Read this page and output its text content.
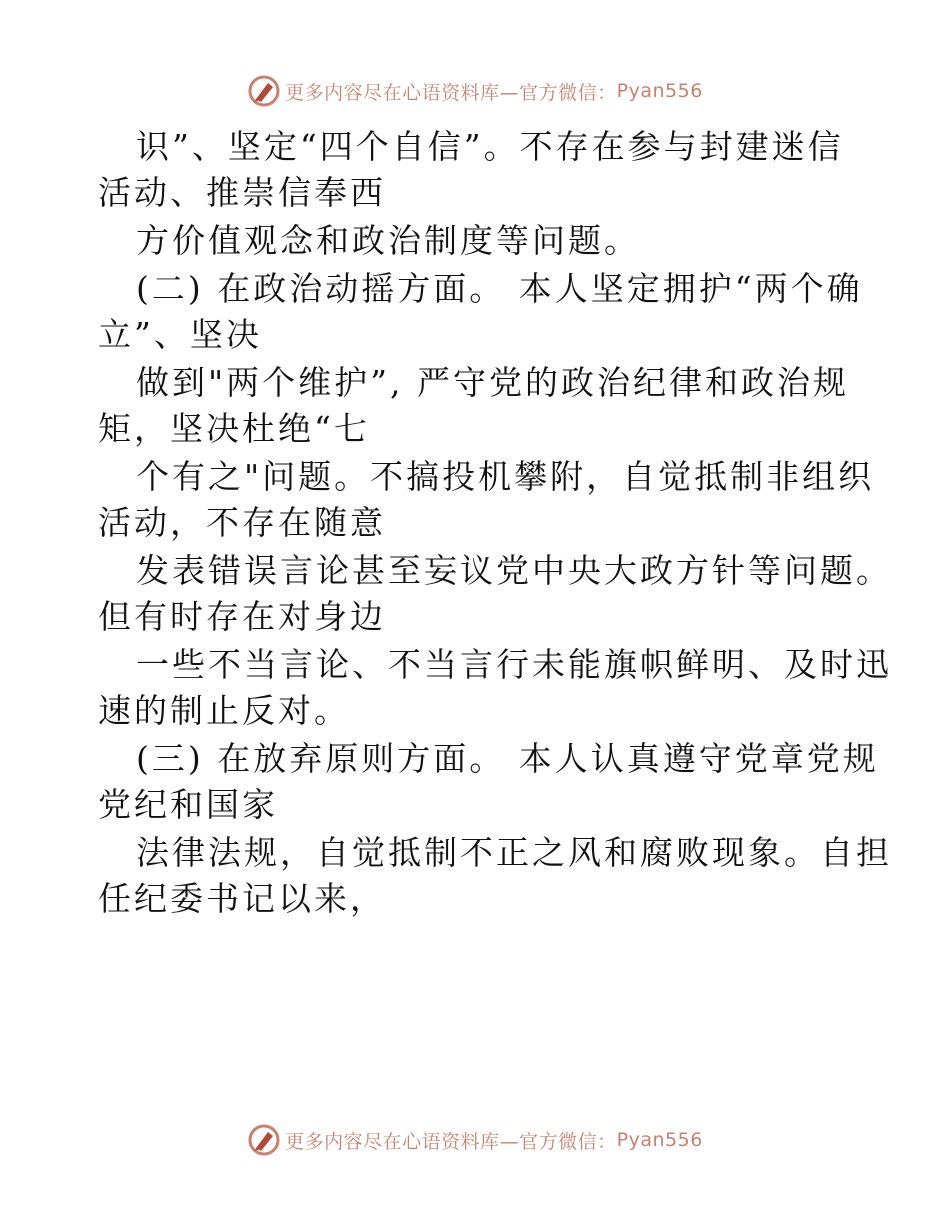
更多内容尽在心语资料库—官方微信： Pyan556
识”、坚定“四个自信”。不存在参与封建迷信
活动、推崇信奉西
方价值观念和政治制度等问题。
(二) 在政治动摇方面。 本人坚定拥护“两个确
立”、坚决
做到"两个维护”, 严守党的政治纪律和政治规
矩，坚决杜绝“七
个有之"问题。不搞投机攀附，自觉抵制非组织
活动，不存在随意
发表错误言论甚至妄议党中央大政方针等问题。
但有时存在对身边
一些不当言论、不当言行未能旗帜鲜明、及时迅
速的制止反对。
(三) 在放弃原则方面。 本人认真遵守党章党规
党纪和国家
法律法规，自觉抵制不正之风和腐败现象。自担
任纪委书记以来，
更多内容尽在心语资料库—官方微信： Pyan556
